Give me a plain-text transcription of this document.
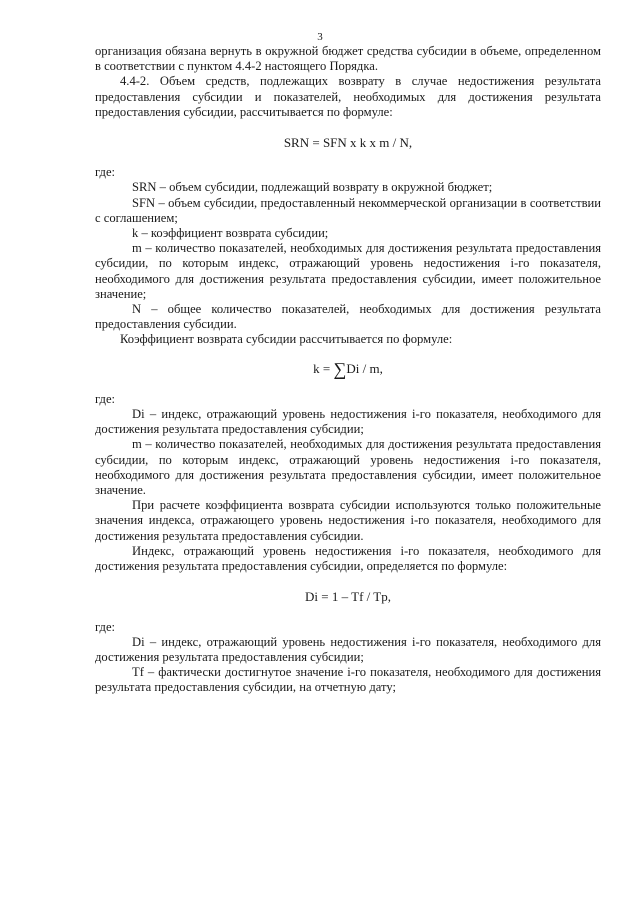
3

организация обязана вернуть в окружной бюджет средства субсидии в объеме, определенном в соответствии с пунктом 4.4-2 настоящего Порядка.

4.4-2. Объем средств, подлежащих возврату в случае недостижения результата предоставления субсидии и показателей, необходимых для достижения результата предоставления субсидии, рассчитывается по формуле:

SRN = SFN x k x m / N,

где:

SRN – объем субсидии, подлежащий возврату в окружной бюджет;

SFN – объем субсидии, предоставленный некоммерческой организации в соответствии с соглашением;

k – коэффициент возврата субсидии;

m – количество показателей, необходимых для достижения результата предоставления субсидии, по которым индекс, отражающий уровень недостижения i-го показателя, необходимого для достижения результата предоставления субсидии, имеет положительное значение;

N – общее количество показателей, необходимых для достижения результата предоставления субсидии.

Коэффициент возврата субсидии рассчитывается по формуле:

k = ∑Di / m,

где:

Di – индекс, отражающий уровень недостижения i-го показателя, необходимого для достижения результата предоставления субсидии;

m – количество показателей, необходимых для достижения результата предоставления субсидии, по которым индекс, отражающий уровень недостижения i-го показателя, необходимого для достижения результата предоставления субсидии, имеет положительное значение.

При расчете коэффициента возврата субсидии используются только положительные значения индекса, отражающего уровень недостижения i-го показателя, необходимого для достижения результата предоставления субсидии.

Индекс, отражающий уровень недостижения i-го показателя, необходимого для достижения результата предоставления субсидии, определяется по формуле:

Di = 1 – Tf / Tp,

где:

Di – индекс, отражающий уровень недостижения i-го показателя, необходимого для достижения результата предоставления субсидии;

Tf – фактически достигнутое значение i-го показателя, необходимого для достижения результата предоставления субсидии, на отчетную дату;
